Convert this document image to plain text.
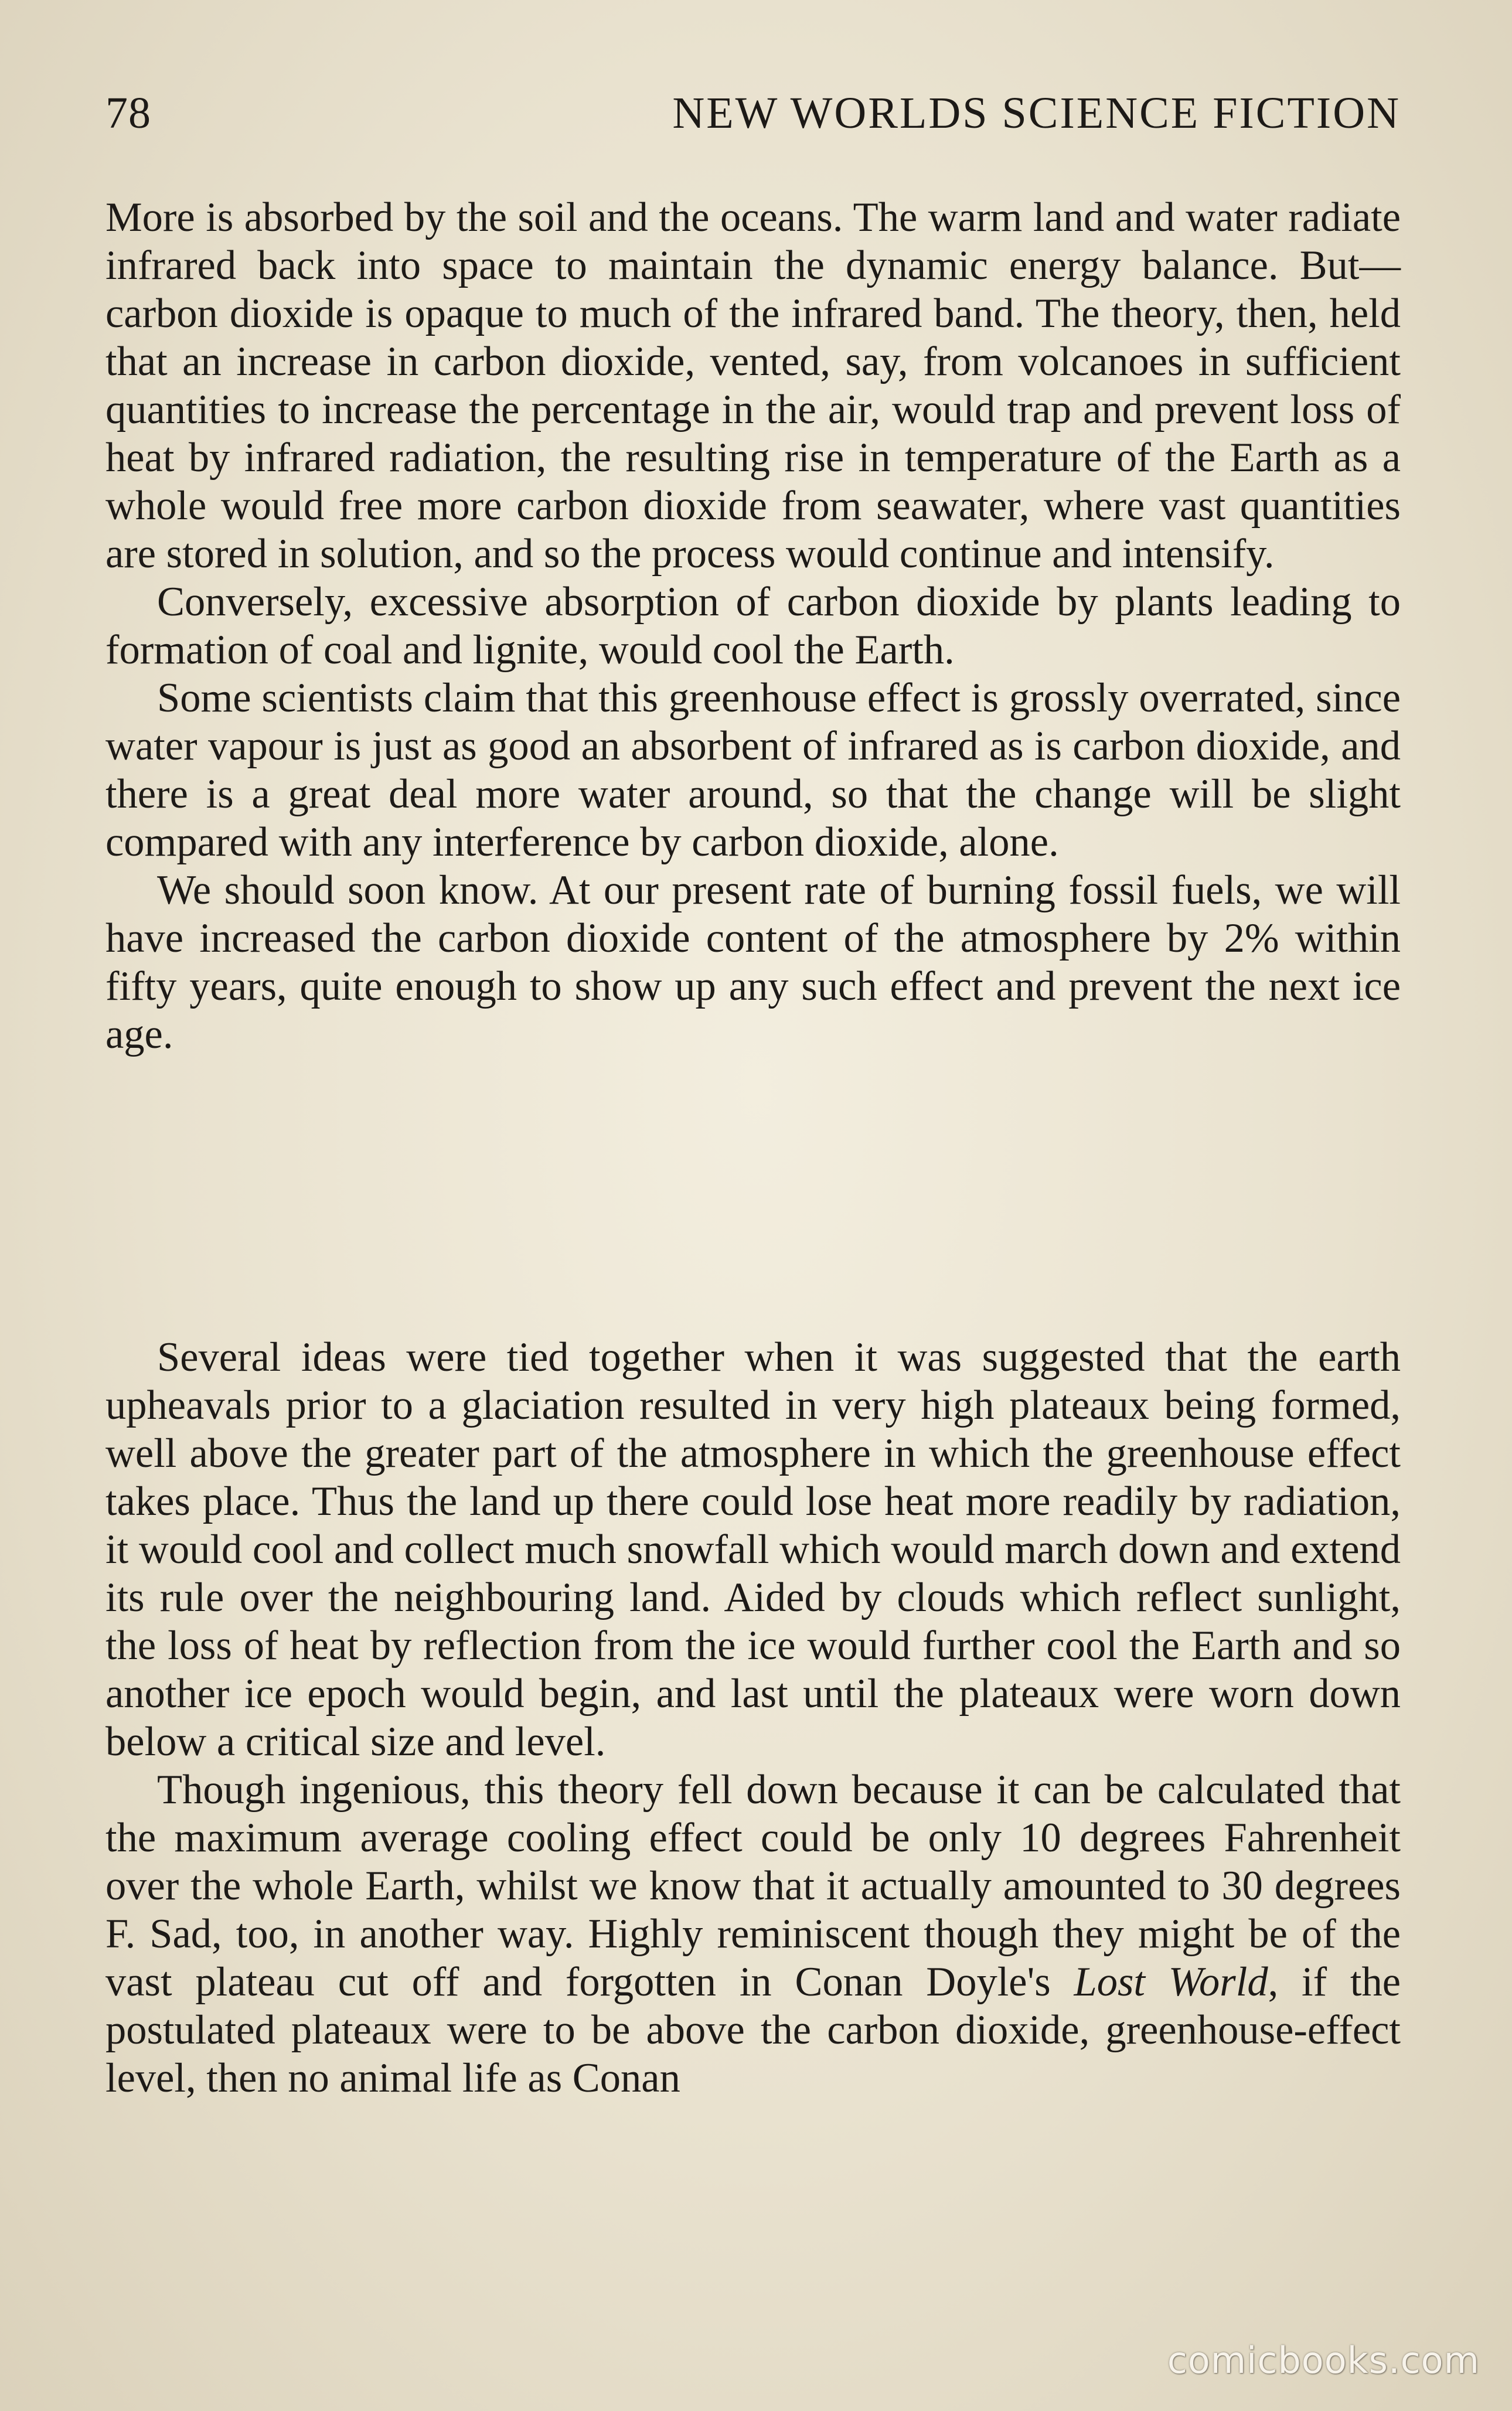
78	NEW WORLDS SCIENCE FICTION

More is absorbed by the soil and the oceans. The warm land and water radiate infrared back into space to maintain the dynamic energy balance. But—carbon dioxide is opaque to much of the infrared band. The theory, then, held that an increase in carbon dioxide, vented, say, from volcanoes in sufficient quantities to increase the percentage in the air, would trap and prevent loss of heat by infrared radiation, the resulting rise in temperature of the Earth as a whole would free more carbon dioxide from seawater, where vast quantities are stored in solution, and so the process would continue and intensify.

Conversely, excessive absorption of carbon dioxide by plants leading to formation of coal and lignite, would cool the Earth.

Some scientists claim that this greenhouse effect is grossly overrated, since water vapour is just as good an absorbent of infrared as is carbon dioxide, and there is a great deal more water around, so that the change will be slight compared with any interference by carbon dioxide, alone.

We should soon know. At our present rate of burning fossil fuels, we will have increased the carbon dioxide content of the atmosphere by 2% within fifty years, quite enough to show up any such effect and prevent the next ice age.

Several ideas were tied together when it was suggested that the earth upheavals prior to a glaciation resulted in very high plateaux being formed, well above the greater part of the atmosphere in which the greenhouse effect takes place. Thus the land up there could lose heat more readily by radiation, it would cool and collect much snowfall which would march down and extend its rule over the neighbouring land. Aided by clouds which reflect sunlight, the loss of heat by reflection from the ice would further cool the Earth and so another ice epoch would begin, and last until the plateaux were worn down below a critical size and level.

Though ingenious, this theory fell down because it can be calculated that the maximum average cooling effect could be only 10 degrees Fahrenheit over the whole Earth, whilst we know that it actually amounted to 30 degrees F. Sad, too, in another way. Highly reminiscent though they might be of the vast plateau cut off and forgotten in Conan Doyle's Lost World, if the postulated plateaux were to be above the carbon dioxide, greenhouse-effect level, then no animal life as Conan

comicbooks.com
